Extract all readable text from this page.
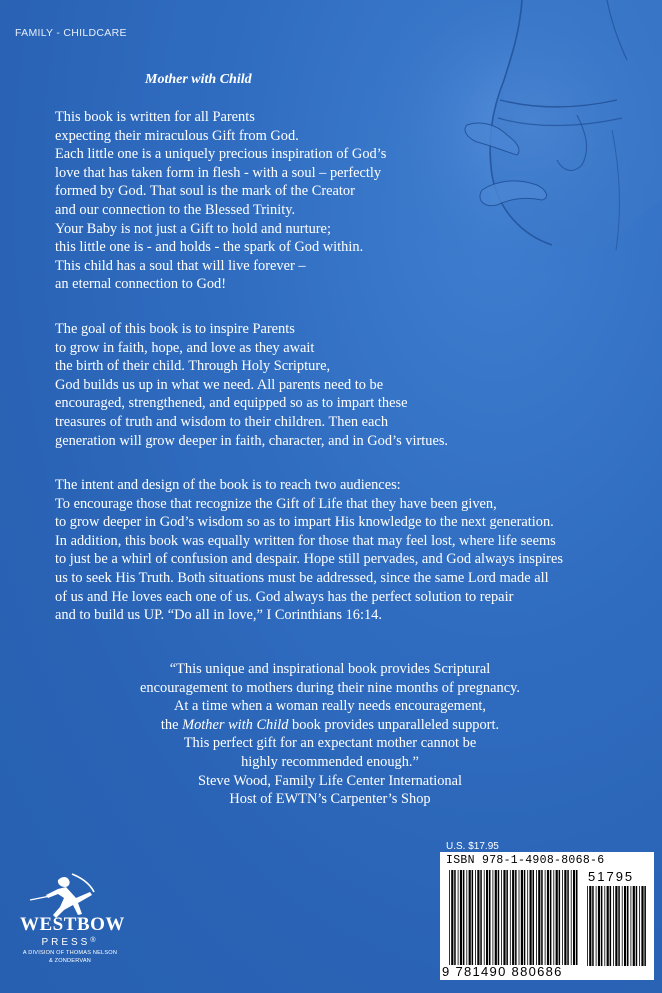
FAMILY - CHILDCARE
Mother with Child
This book is written for all Parents
expecting their miraculous Gift from God.
Each little one is a uniquely precious inspiration of God’s
love that has taken form in flesh - with a soul – perfectly
formed by God. That soul is the mark of the Creator
and our connection to the Blessed Trinity.
Your Baby is not just a Gift to hold and nurture;
this little one is - and holds - the spark of God within.
This child has a soul that will live forever –
an eternal connection to God!
The goal of this book is to inspire Parents
to grow in faith, hope, and love as they await
the birth of their child. Through Holy Scripture,
God builds us up in what we need. All parents need to be
encouraged, strengthened, and equipped so as to impart these
treasures of truth and wisdom to their children. Then each
generation will grow deeper in faith, character, and in God’s virtues.
The intent and design of the book is to reach two audiences:
To encourage those that recognize the Gift of Life that they have been given,
to grow deeper in God’s wisdom so as to impart His knowledge to the next generation.
In addition, this book was equally written for those that may feel lost, where life seems
to just be a whirl of confusion and despair. Hope still pervades, and God always inspires
us to seek His Truth. Both situations must be addressed, since the same Lord made all
of us and He loves each one of us. God always has the perfect solution to repair
and to build us UP. “Do all in love,” I Corinthians 16:14.
“This unique and inspirational book provides Scriptural
encouragement to mothers during their nine months of pregnancy.
At a time when a woman really needs encouragement,
the Mother with Child book provides unparalleled support.
This perfect gift for an expectant mother cannot be
highly recommended enough.”
Steve Wood, Family Life Center International
Host of EWTN’s Carpenter’s Shop
WESTBOW
PRESS®
A DIVISION OF THOMAS NELSON
& ZONDERVAN
U.S. $17.95
ISBN 978-1-4908-8068-6
51795
9 781490 880686
